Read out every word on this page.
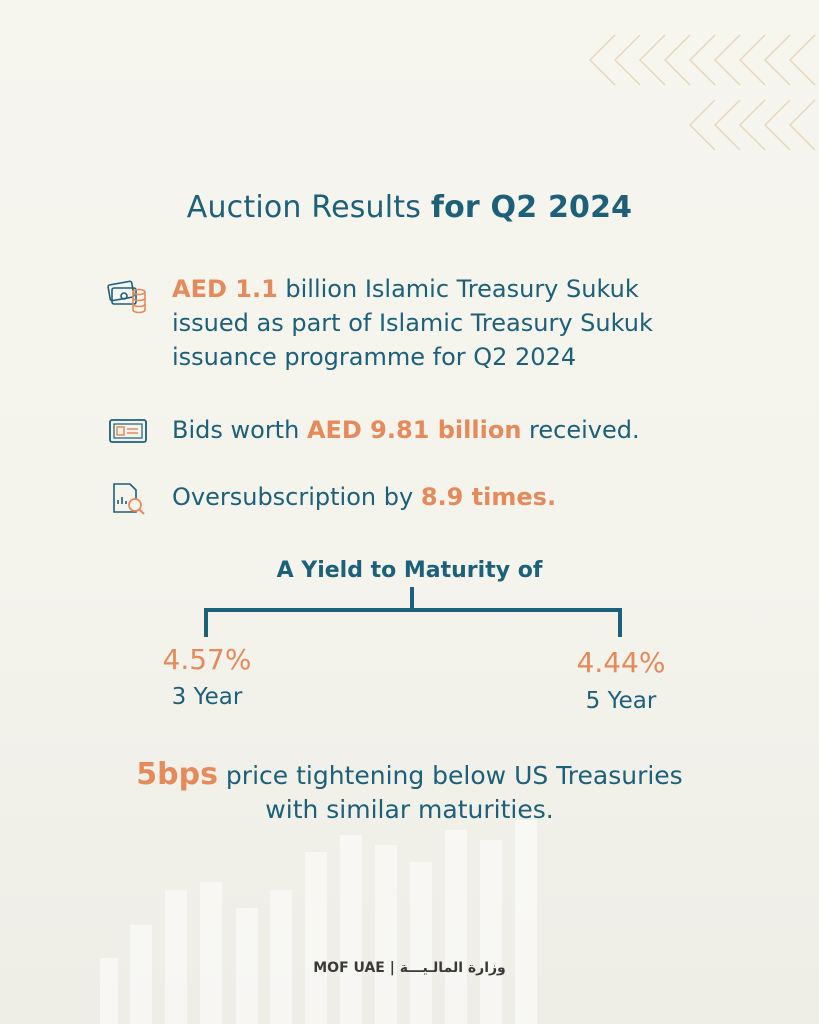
Auction Results for Q2 2024
AED 1.1 billion Islamic Treasury Sukuk
issued as part of Islamic Treasury Sukuk
issuance programme for Q2 2024
Bids worth AED 9.81 billion received.
Oversubscription by 8.9 times.
A Yield to Maturity of
4.57%
3 Year
4.44%
5 Year
5bps price tightening below US Treasuries
with similar maturities.
MOF UAE | وزارة المالـيـــة
